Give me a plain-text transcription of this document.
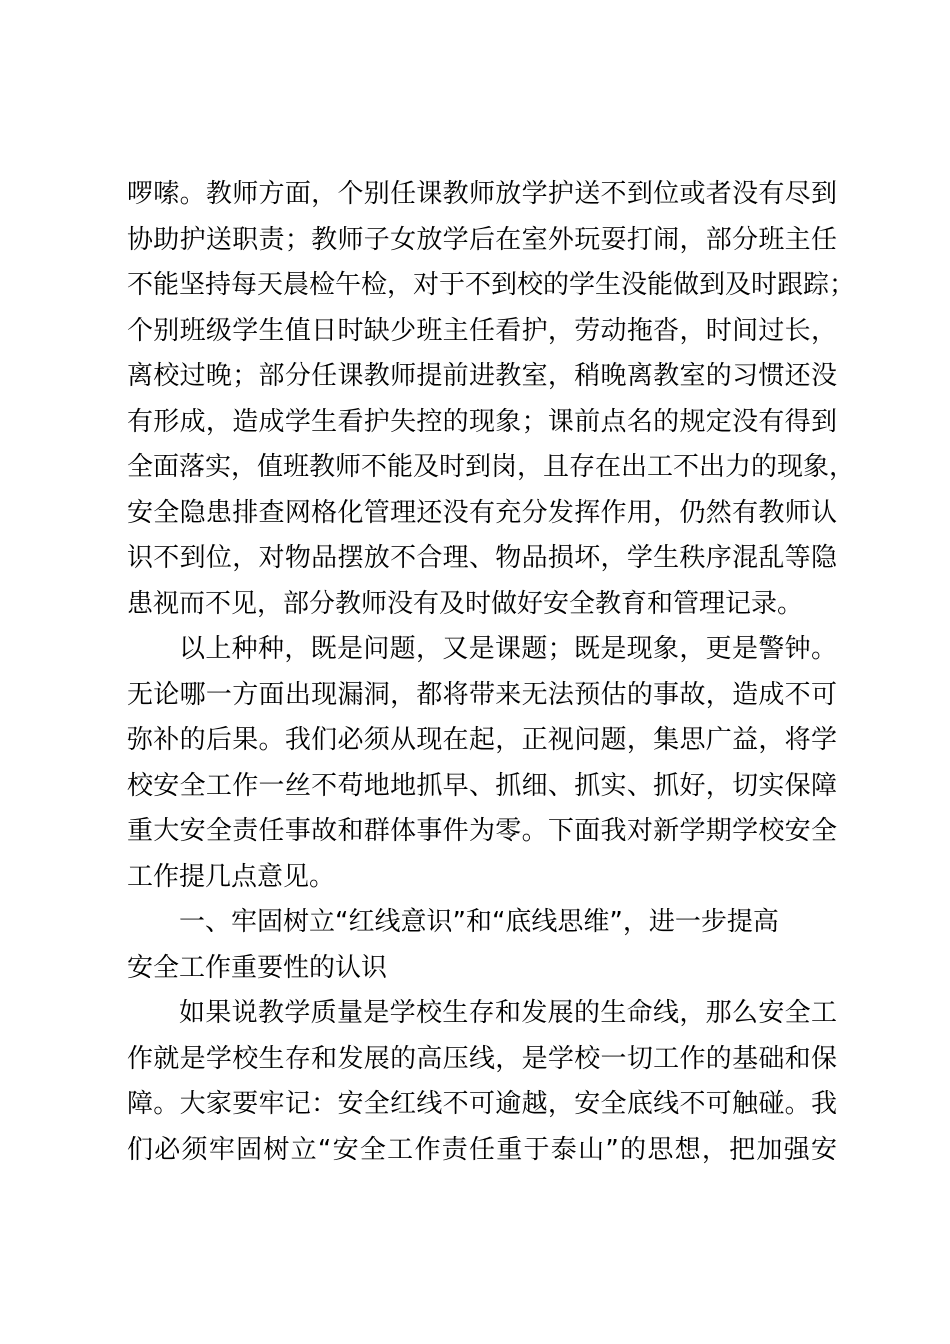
啰嗦。教师方面，个别任课教师放学护送不到位或者没有尽到
协助护送职责；教师子女放学后在室外玩耍打闹，部分班主任
不能坚持每天晨检午检，对于不到校的学生没能做到及时跟踪；
个别班级学生值日时缺少班主任看护，劳动拖沓，时间过长，
离校过晚；部分任课教师提前进教室，稍晚离教室的习惯还没
有形成，造成学生看护失控的现象；课前点名的规定没有得到
全面落实，值班教师不能及时到岗，且存在出工不出力的现象，
安全隐患排查网格化管理还没有充分发挥作用，仍然有教师认
识不到位，对物品摆放不合理、物品损坏，学生秩序混乱等隐
患视而不见，部分教师没有及时做好安全教育和管理记录。
以上种种，既是问题，又是课题；既是现象，更是警钟。
无论哪一方面出现漏洞，都将带来无法预估的事故，造成不可
弥补的后果。我们必须从现在起，正视问题，集思广益，将学
校安全工作一丝不苟地地抓早、抓细、抓实、抓好，切实保障
重大安全责任事故和群体事件为零。下面我对新学期学校安全
工作提几点意见。
一、牢固树立“红线意识”和“底线思维”，进一步提高
安全工作重要性的认识
如果说教学质量是学校生存和发展的生命线，那么安全工
作就是学校生存和发展的高压线，是学校一切工作的基础和保
障。大家要牢记：安全红线不可逾越，安全底线不可触碰。我
们必须牢固树立“安全工作责任重于泰山”的思想，把加强安
